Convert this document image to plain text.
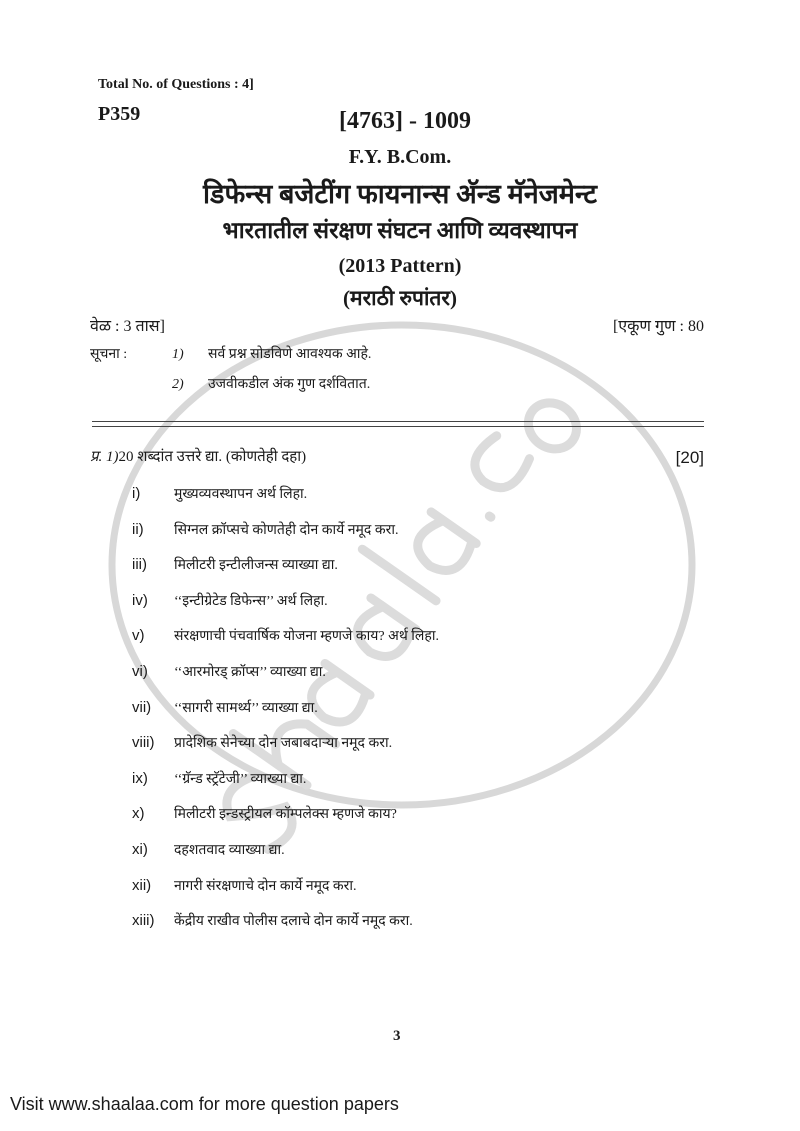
Total No. of Questions : 4]
P359	[4763] - 1009
F.Y. B.Com.
डिफेन्स बजेटींग फायनान्स अ‍ॅन्ड मॅनेजमेन्ट
भारतातील संरक्षण संघटन आणि व्यवस्थापन
(2013 Pattern)
(मराठी रुपांतर)
वेळ : 3 तास]	[एकूण गुण : 80
सूचना :	1) सर्व प्रश्न सोडविणे आवश्यक आहे.
2) उजवीकडील अंक गुण दर्शवितात.
प्र. 1)20 शब्दांत उत्तरे द्या. (कोणतेही दहा)	[20]
i) मुख्यव्यवस्थापन अर्थ लिहा.
ii) सिग्नल क्रॉप्सचे कोणतेही दोन कार्ये नमूद करा.
iii) मिलीटरी इन्टीलीजन्स व्याख्या द्या.
iv) ‘‘इन्टीग्रेटेड डिफेन्स’’ अर्थ लिहा.
v) संरक्षणाची पंचवार्षिक योजना म्हणजे काय? अर्थ लिहा.
vi) ‘‘आरमोरड् क्रॉप्स’’ व्याख्या द्या.
vii) ‘‘सागरी सामर्थ्य’’ व्याख्या द्या.
viii) प्रादेशिक सेनेच्या दोन जबाबदाऱ्या नमूद करा.
ix) ‘‘ग्रॅन्ड स्ट्रॅटेजी’’ व्याख्या द्या.
x) मिलीटरी इन्डस्ट्रीयल कॉम्पलेक्स म्हणजे काय?
xi) दहशतवाद व्याख्या द्या.
xii) नागरी संरक्षणाचे दोन कार्ये नमूद करा.
xiii) केंद्रीय राखीव पोलीस दलाचे दोन कार्ये नमूद करा.
3
Visit www.shaalaa.com for more question papers
